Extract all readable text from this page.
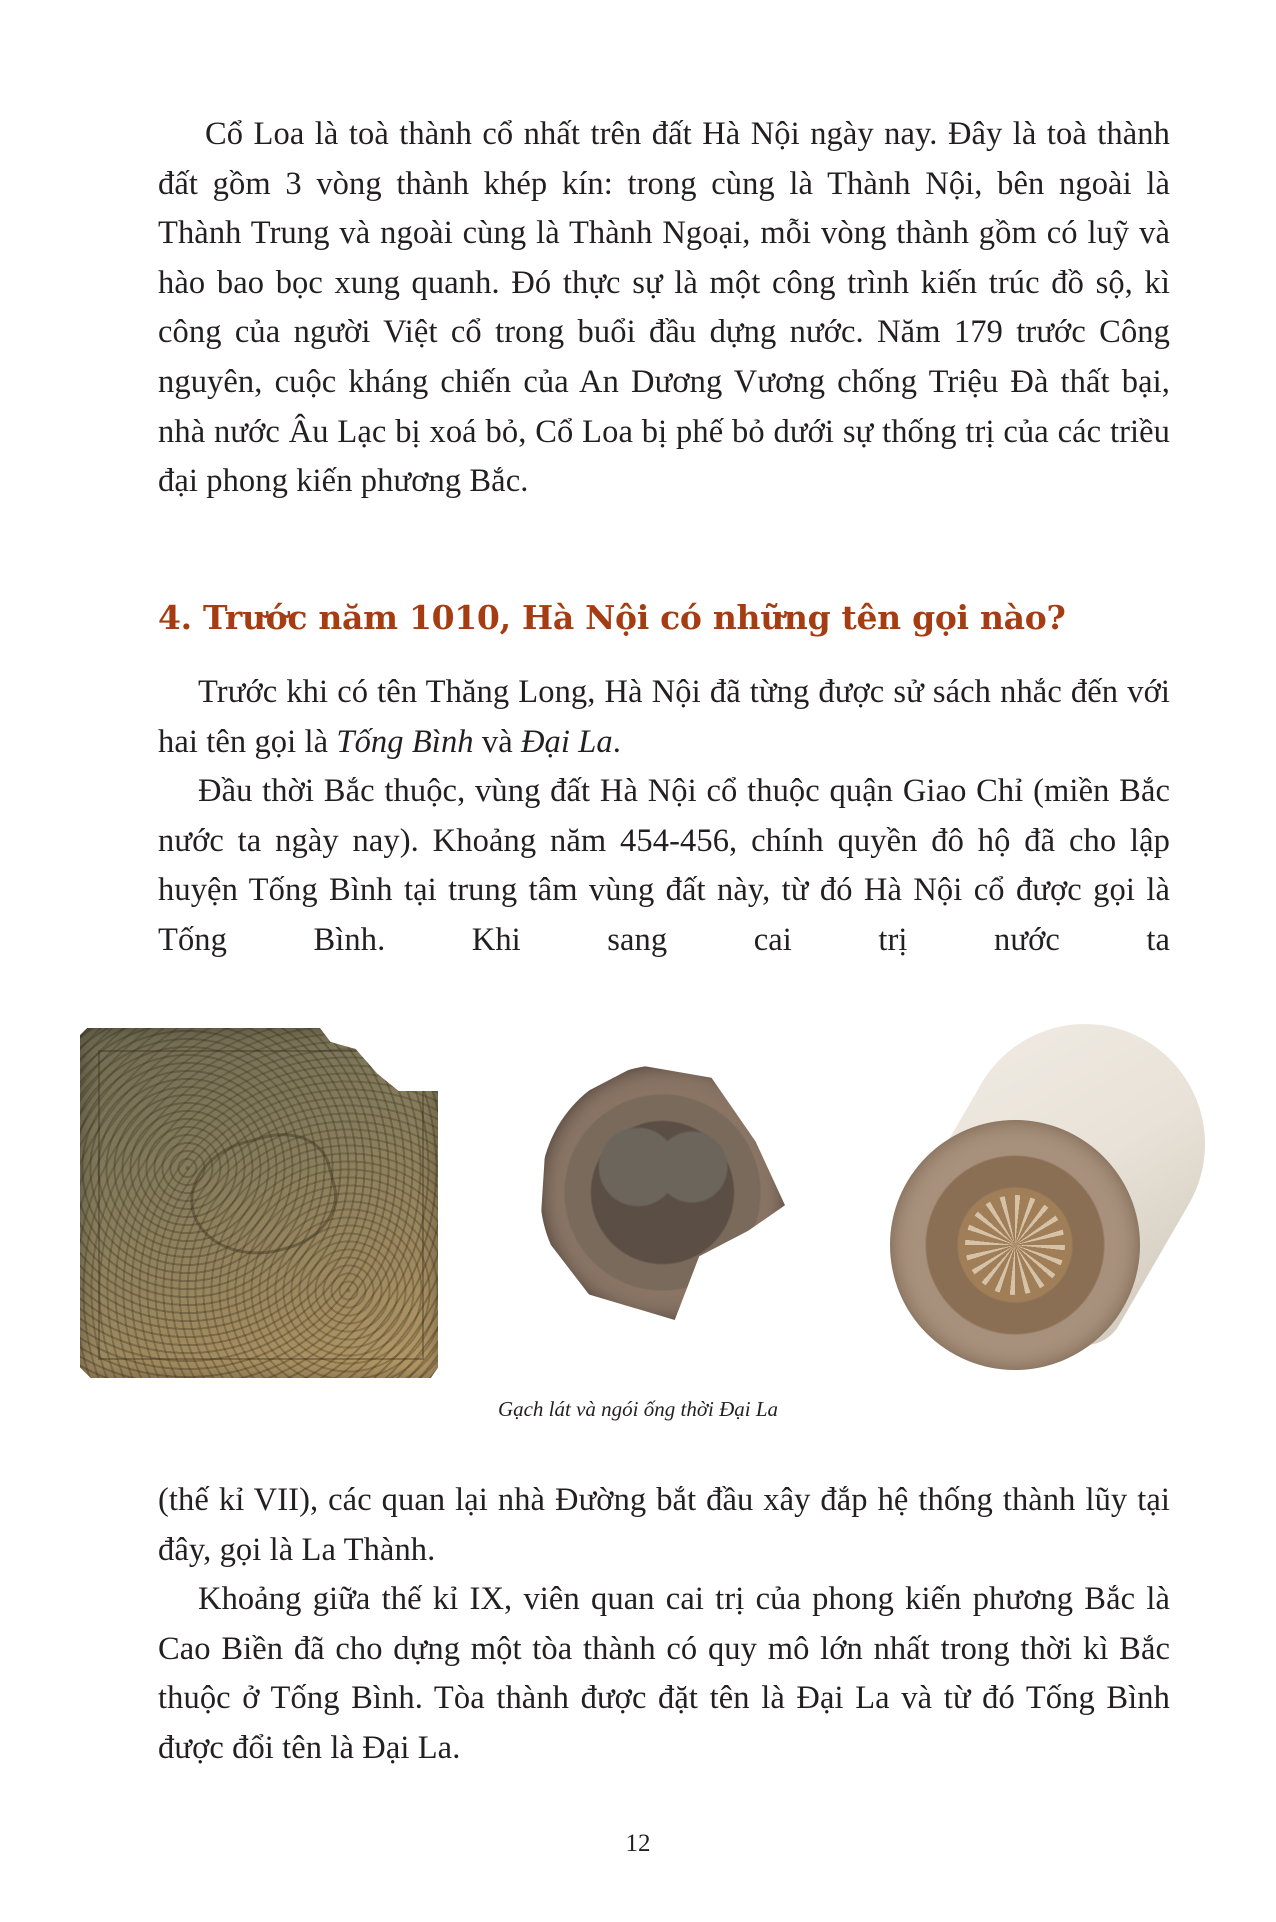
Cổ Loa là toà thành cổ nhất trên đất Hà Nội ngày nay. Đây là toà thành đất gồm 3 vòng thành khép kín: trong cùng là Thành Nội, bên ngoài là Thành Trung và ngoài cùng là Thành Ngoại, mỗi vòng thành gồm có luỹ và hào bao bọc xung quanh. Đó thực sự là một công trình kiến trúc đồ sộ, kì công của người Việt cổ trong buổi đầu dựng nước. Năm 179 trước Công nguyên, cuộc kháng chiến của An Dương Vương chống Triệu Đà thất bại, nhà nước Âu Lạc bị xoá bỏ, Cổ Loa bị phế bỏ dưới sự thống trị của các triều đại phong kiến phương Bắc.

4. Trước năm 1010, Hà Nội có những tên gọi nào?

Trước khi có tên Thăng Long, Hà Nội đã từng được sử sách nhắc đến với hai tên gọi là Tống Bình và Đại La.

Đầu thời Bắc thuộc, vùng đất Hà Nội cổ thuộc quận Giao Chỉ (miền Bắc nước ta ngày nay). Khoảng năm 454-456, chính quyền đô hộ đã cho lập huyện Tống Bình tại trung tâm vùng đất này, từ đó Hà Nội cổ được gọi là Tống Bình. Khi sang cai trị nước ta

Gạch lát và ngói ống thời Đại La

(thế kỉ VII), các quan lại nhà Đường bắt đầu xây đắp hệ thống thành lũy tại đây, gọi là La Thành.

Khoảng giữa thế kỉ IX, viên quan cai trị của phong kiến phương Bắc là Cao Biền đã cho dựng một tòa thành có quy mô lớn nhất trong thời kì Bắc thuộc ở Tống Bình. Tòa thành được đặt tên là Đại La và từ đó Tống Bình được đổi tên là Đại La.

12
